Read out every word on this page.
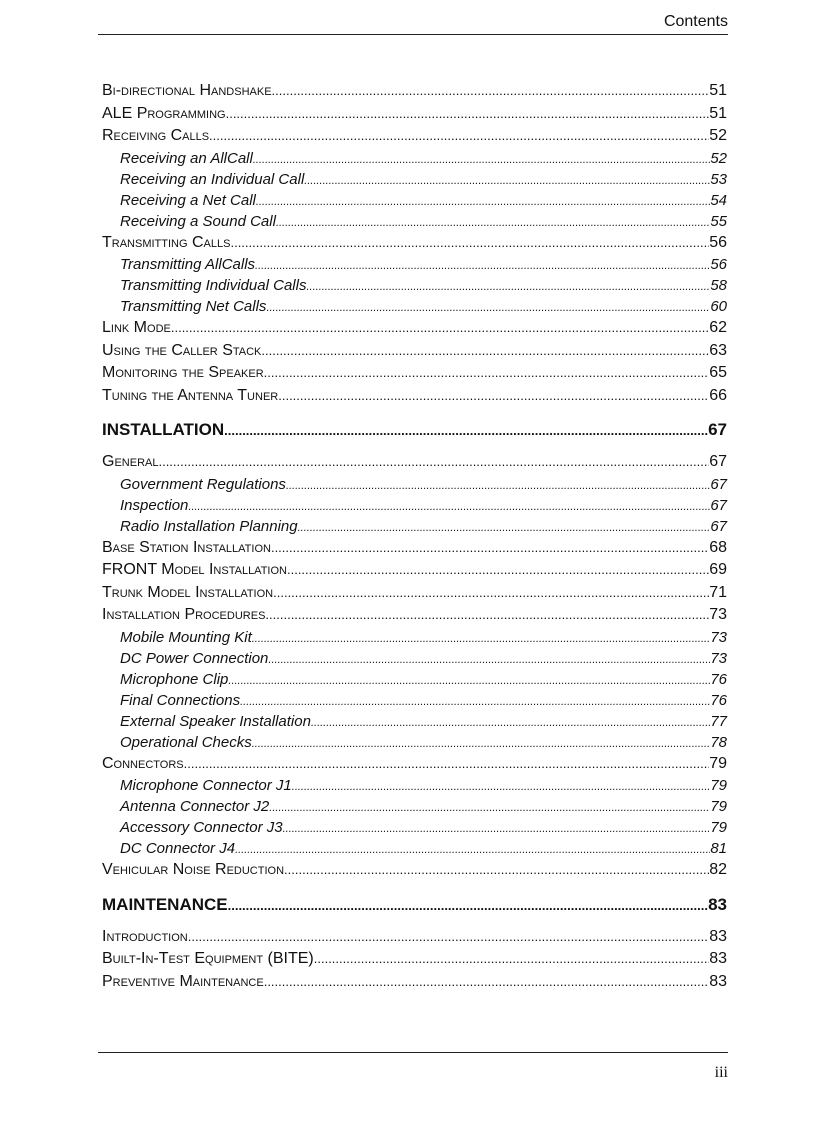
Contents
Bi-directional Handshake .....	51
ALE Programming .....	51
Receiving Calls .....	52
Receiving an AllCall .....	52
Receiving an Individual Call .....	53
Receiving a Net Call .....	54
Receiving a Sound Call .....	55
Transmitting Calls .....	56
Transmitting AllCalls .....	56
Transmitting Individual Calls .....	58
Transmitting Net Calls .....	60
Link Mode .....	62
Using the Caller Stack .....	63
Monitoring the Speaker .....	65
Tuning the Antenna Tuner .....	66
INSTALLATION .....	67
General .....	67
Government Regulations .....	67
Inspection .....	67
Radio Installation Planning .....	67
Base Station Installation .....	68
FRONT Model Installation .....	69
Trunk Model Installation .....	71
Installation Procedures .....	73
Mobile Mounting Kit .....	73
DC Power Connection .....	73
Microphone Clip .....	76
Final Connections .....	76
External Speaker Installation .....	77
Operational Checks .....	78
Connectors .....	79
Microphone Connector J1 .....	79
Antenna Connector J2 .....	79
Accessory Connector J3 .....	79
DC Connector J4 .....	81
Vehicular Noise Reduction .....	82
MAINTENANCE .....	83
Introduction .....	83
Built-In-Test Equipment (BITE) .....	83
Preventive Maintenance .....	83
iii
